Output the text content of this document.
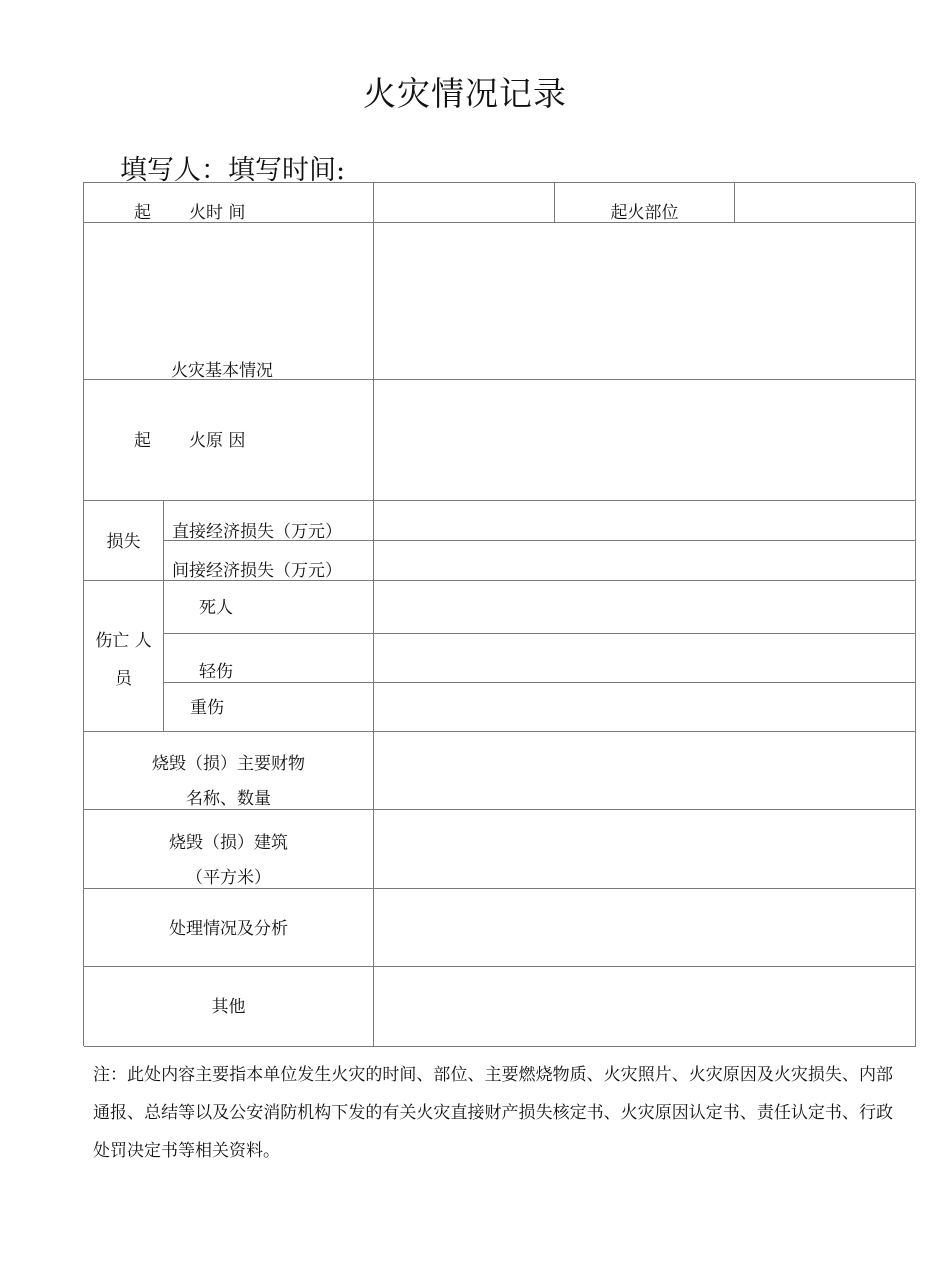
火灾情况记录
填写人：填写时间:
起 火时 间	起火部位
火灾基本情况
起 火原 因
损失	直接经济损失（万元）
间接经济损失（万元）
伤亡 人
员
死人
轻伤
重伤
烧毁（损）主要财物
名称、数量
烧毁（损）建筑
（平方米）
处理情况及分析
其他
注：此处内容主要指本单位发生火灾的时间、部位、主要燃烧物质、火灾照片、火灾原因及火灾损失、内部通报、总结等以及公安消防机构下发的有关火灾直接财产损失核定书、火灾原因认定书、责任认定书、行政处罚决定书等相关资料。
